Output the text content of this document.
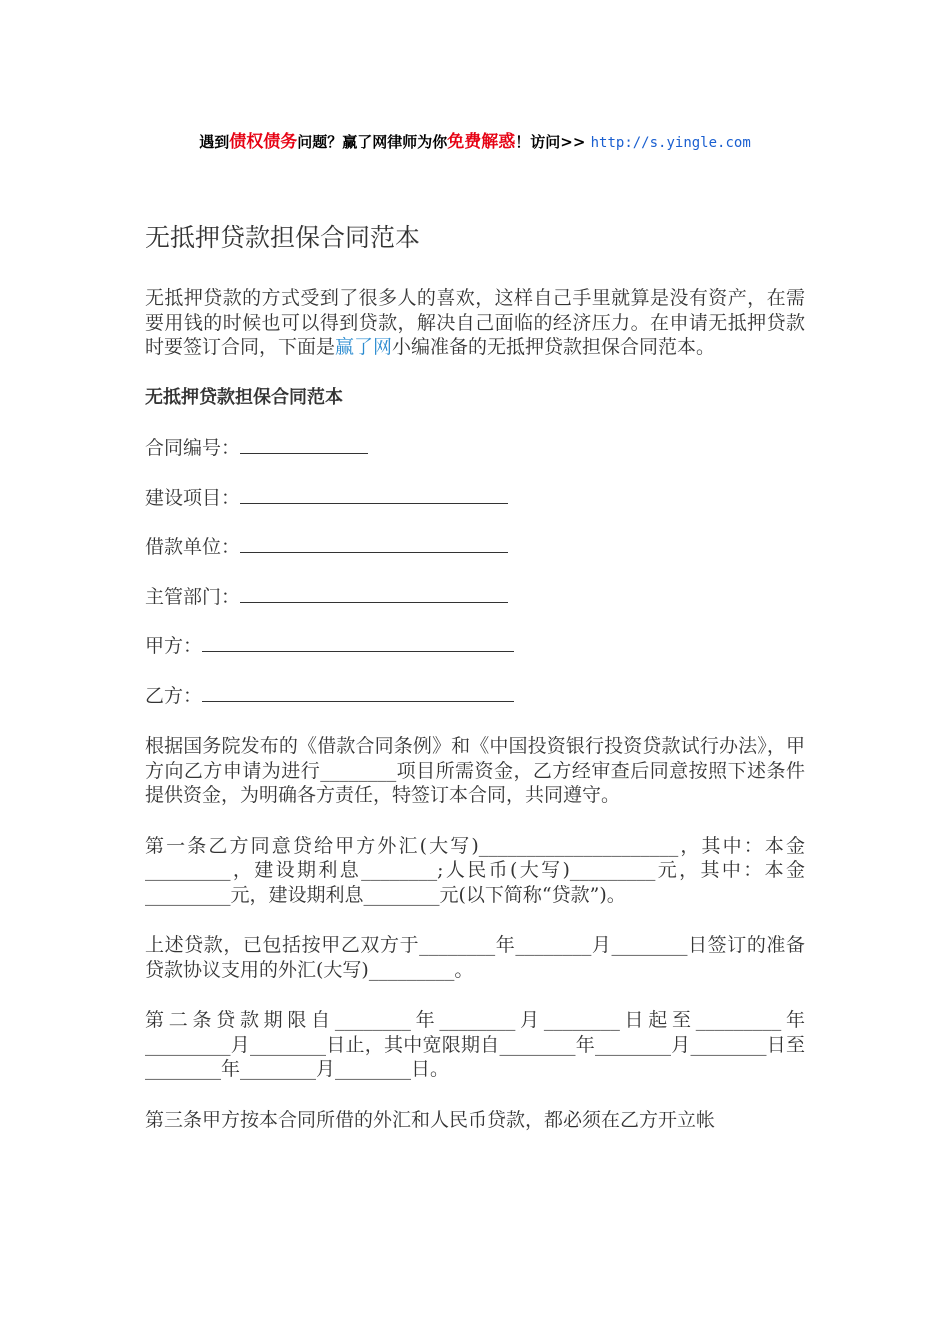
遇到债权债务问题？赢了网律师为你免费解惑！访问>> http://s.yingle.com
无抵押贷款担保合同范本

无抵押贷款的方式受到了很多人的喜欢，这样自己手里就算是没有资产，在需要用钱的时候也可以得到贷款，解决自己面临的经济压力。在申请无抵押贷款时要签订合同，下面是赢了网小编准备的无抵押贷款担保合同范本。

无抵押贷款担保合同范本
合同编号：
建设项目：
借款单位：
主管部门：
甲方：
乙方：

根据国务院发布的《借款合同条例》和《中国投资银行投资贷款试行办法》，甲方向乙方申请为进行________项目所需资金，乙方经审查后同意按照下述条件提供资金，为明确各方责任，特签订本合同，共同遵守。

第一条乙方同意贷给甲方外汇(大写)_____________________，其中：本金_________，建设期利息________;人民币(大写)_________元，其中：本金_________元，建设期利息________元(以下简称“贷款”)。

上述贷款，已包括按甲乙双方于________年________月________日签订的准备贷款协议支用的外汇(大写)_________。

第二条贷款期限自________年________月________日起至_________年_________月________日止，其中宽限期自________年________月________日至________年________月________日。

第三条甲方按本合同所借的外汇和人民币贷款，都必须在乙方开立帐
